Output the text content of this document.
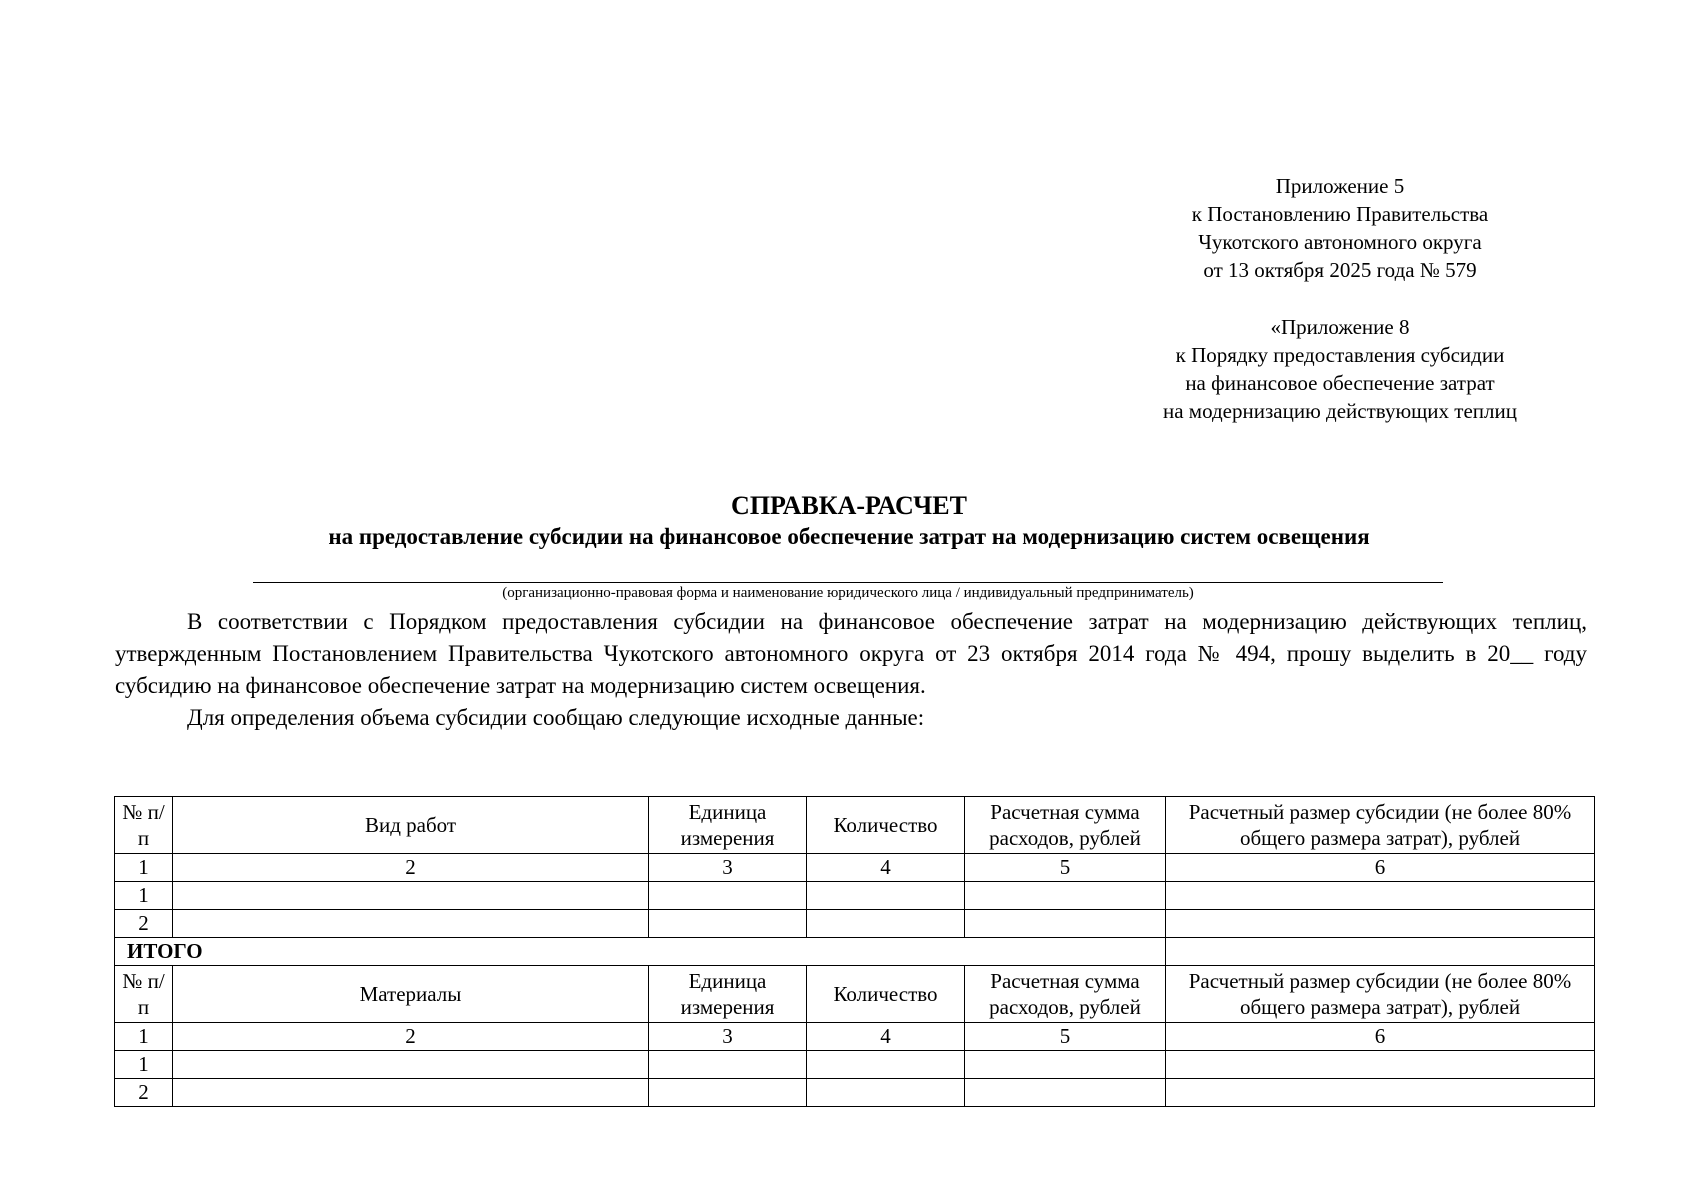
Приложение 5
к Постановлению Правительства
Чукотского автономного округа
от 13 октября 2025 года № 579
«Приложение 8
к Порядку предоставления субсидии
на финансовое обеспечение затрат
на модернизацию действующих теплиц
СПРАВКА-РАСЧЕТ
на предоставление субсидии на финансовое обеспечение затрат на модернизацию систем освещения
(организационно-правовая форма и наименование юридического лица / индивидуальный предприниматель)

В соответствии с Порядком предоставления субсидии на финансовое обеспечение затрат на модернизацию действующих теплиц, утвержденным Постановлением Правительства Чукотского автономного округа от 23 октября 2014 года № 494, прошу выделить в 20__ году субсидию на финансовое обеспечение затрат на модернизацию систем освещения.

Для определения объема субсидии сообщаю следующие исходные данные:

№ п/п	Вид работ	Единица измерения	Количество	Расчетная сумма расходов, рублей	Расчетный размер субсидии (не более 80% общего размера затрат), рублей
1	2	3	4	5	6
1					
2					
ИТОГО					
№ п/п	Материалы	Единица измерения	Количество	Расчетная сумма расходов, рублей	Расчетный размер субсидии (не более 80% общего размера затрат), рублей
1	2	3	4	5	6
1					
2					
